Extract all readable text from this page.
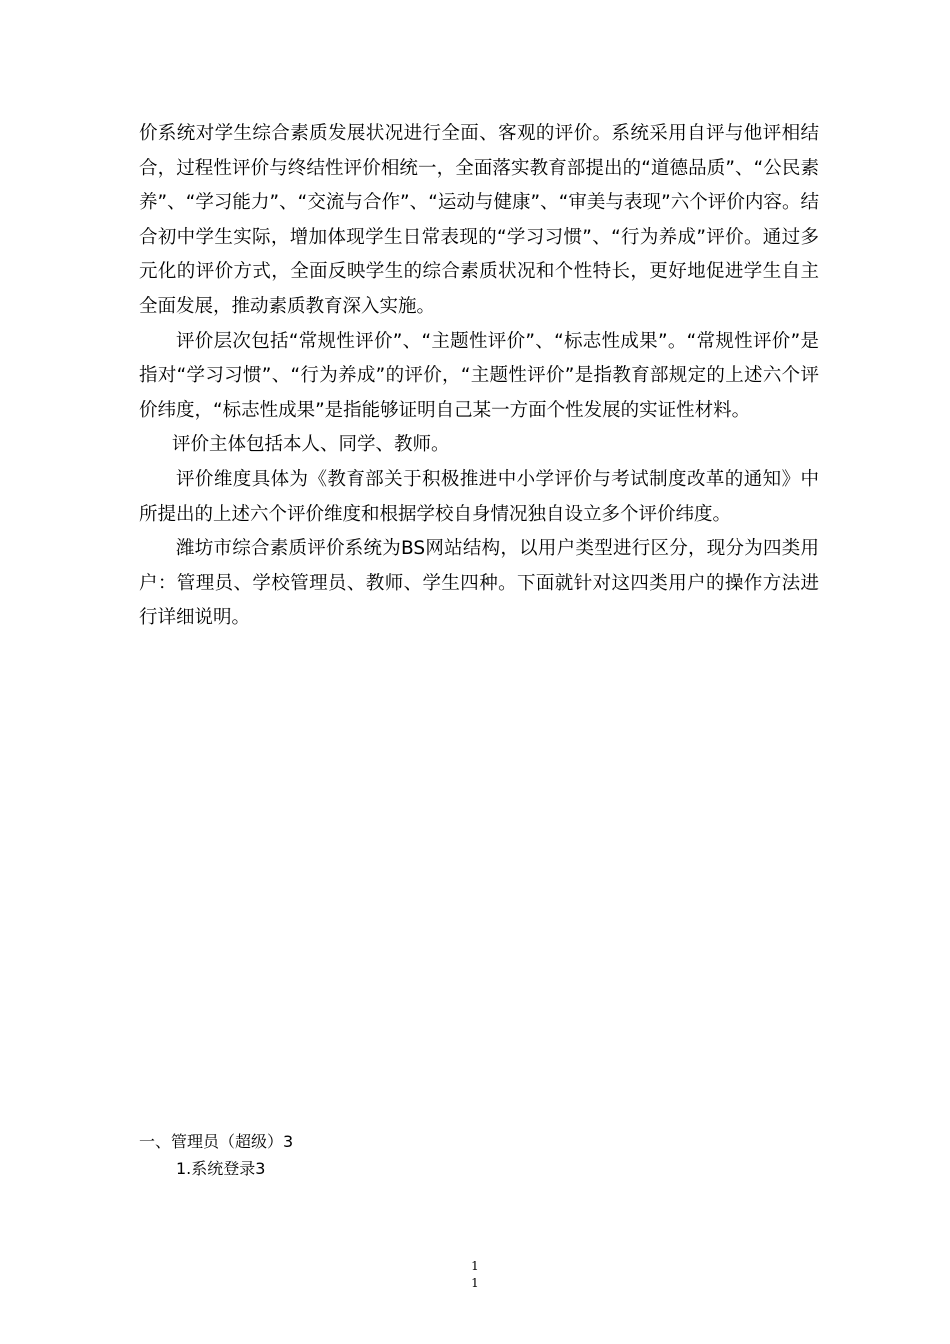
价系统对学生综合素质发展状况进行全面、客观的评价。系统采用自评与他评相结合，过程性评价与终结性评价相统一，全面落实教育部提出的“道德品质”、“公民素养”、“学习能力”、“交流与合作”、“运动与健康”、“审美与表现”六个评价内容。结合初中学生实际，增加体现学生日常表现的“学习习惯”、“行为养成”评价。通过多元化的评价方式，全面反映学生的综合素质状况和个性特长，更好地促进学生自主全面发展，推动素质教育深入实施。

评价层次包括“常规性评价”、“主题性评价”、“标志性成果”。“常规性评价”是指对“学习习惯”、“行为养成”的评价，“主题性评价”是指教育部规定的上述六个评价纬度，“标志性成果”是指能够证明自己某一方面个性发展的实证性材料。

评价主体包括本人、同学、教师。

评价维度具体为《教育部关于积极推进中小学评价与考试制度改革的通知》中所提出的上述六个评价维度和根据学校自身情况独自设立多个评价纬度。

潍坊市综合素质评价系统为BS网站结构，以用户类型进行区分，现分为四类用户：管理员、学校管理员、教师、学生四种。下面就针对这四类用户的操作方法进行详细说明。

一、管理员（超级）3
1.系统登录3
1
1
